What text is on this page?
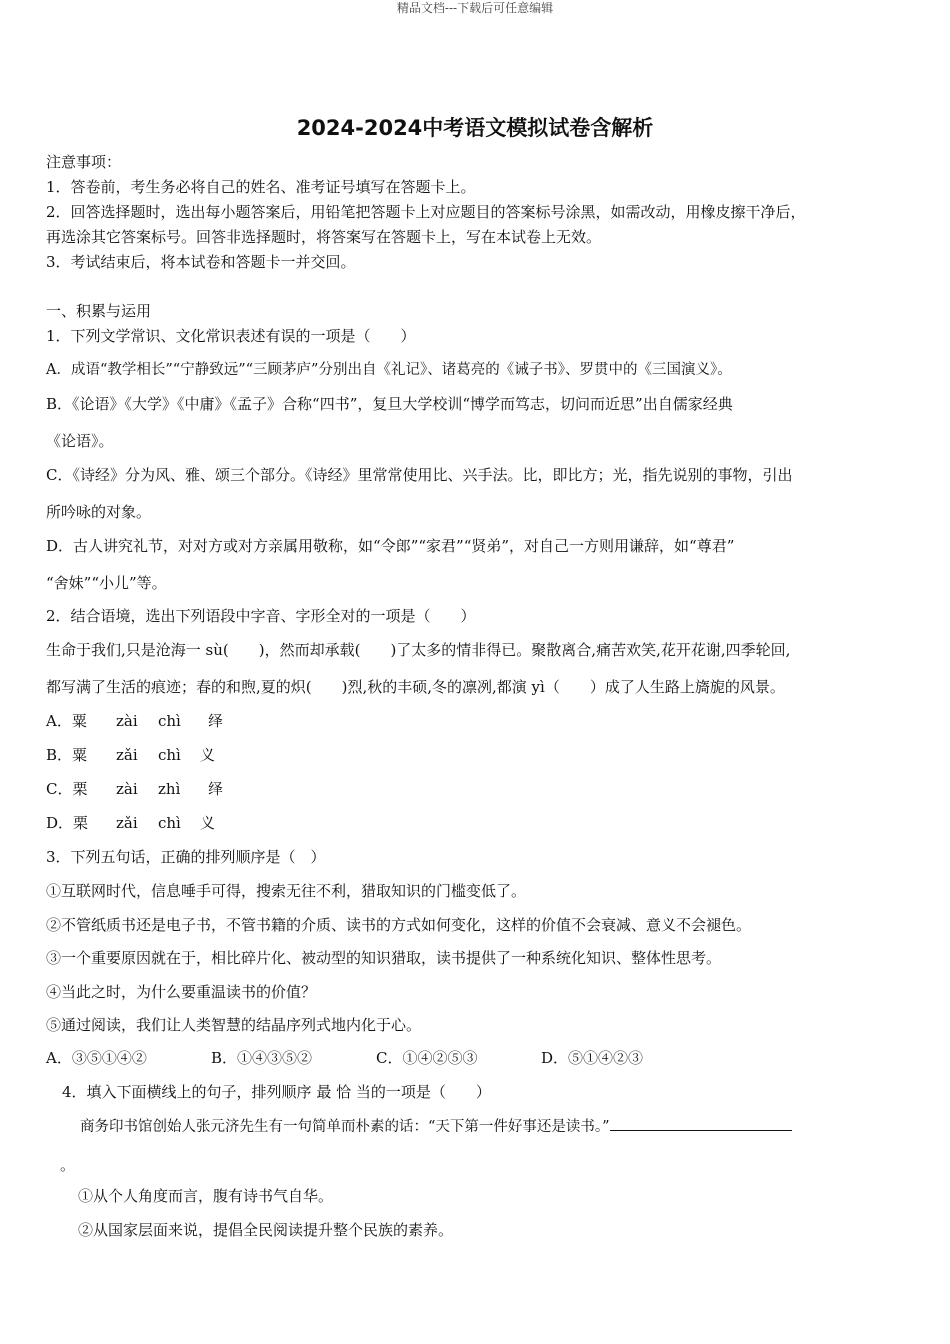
精品文档---下载后可任意编辑
2024-2024中考语文模拟试卷含解析
注意事项：
1．答卷前，考生务必将自己的姓名、准考证号填写在答题卡上。
2．回答选择题时，选出每小题答案后，用铅笔把答题卡上对应题目的答案标号涂黑，如需改动，用橡皮擦干净后，
再选涂其它答案标号。回答非选择题时，将答案写在答题卡上，写在本试卷上无效。
3．考试结束后，将本试卷和答题卡一并交回。
一、积累与运用
1．下列文学常识、文化常识表述有误的一项是（　　）
A．成语“教学相长”“宁静致远”“三顾茅庐”分别出自《礼记》、诸葛亮的《诫子书》、罗贯中的《三国演义》。
B．《论语》《大学》《中庸》《孟子》合称“四书”，复旦大学校训“博学而笃志，切问而近思”出自儒家经典
《论语》。
C．《诗经》分为风、雅、颂三个部分。《诗经》里常常使用比、兴手法。比，即比方；光，指先说别的事物，引出
所吟咏的对象。
D．古人讲究礼节，对对方或对方亲属用敬称，如“令郎”“家君”“贤弟”，对自己一方则用谦辞，如“尊君”
“舍妹”“小儿”等。
2．结合语境，选出下列语段中字音、字形全对的一项是（　　）
生命于我们,只是沧海一 sù(　　)，然而却承载(　　)了太多的情非得已。聚散离合,痛苦欢笑,花开花谢,四季轮回,
都写满了生活的痕迹；春的和煦,夏的炽(　　)烈,秋的丰硕,冬的凛冽,都演 yì（　　）成了人生路上旖旎的风景。
A．粟 zài chì 绎
B．粟 zǎi chì 义
C．栗 zài zhì 绎
D．栗 zǎi chì 义
3．下列五句话，正确的排列顺序是（　）
①互联网时代，信息唾手可得，搜索无往不利，猎取知识的门槛变低了。
②不管纸质书还是电子书，不管书籍的介质、读书的方式如何变化，这样的价值不会衰减、意义不会褪色。
③一个重要原因就在于，相比碎片化、被动型的知识猎取，读书提供了一种系统化知识、整体性思考。
④当此之时，为什么要重温读书的价值？
⑤通过阅读，我们让人类智慧的结晶序列式地内化于心。
A．③⑤①④②	B．①④③⑤②	C．①④②⑤③	D．⑤①④②③
4．填入下面横线上的句子，排列顺序 最 恰 当的一项是（　　）
商务印书馆创始人张元济先生有一句简单而朴素的话：“天下第一件好事还是读书。”
。
①从个人角度而言，腹有诗书气自华。
②从国家层面来说，提倡全民阅读提升整个民族的素养。
